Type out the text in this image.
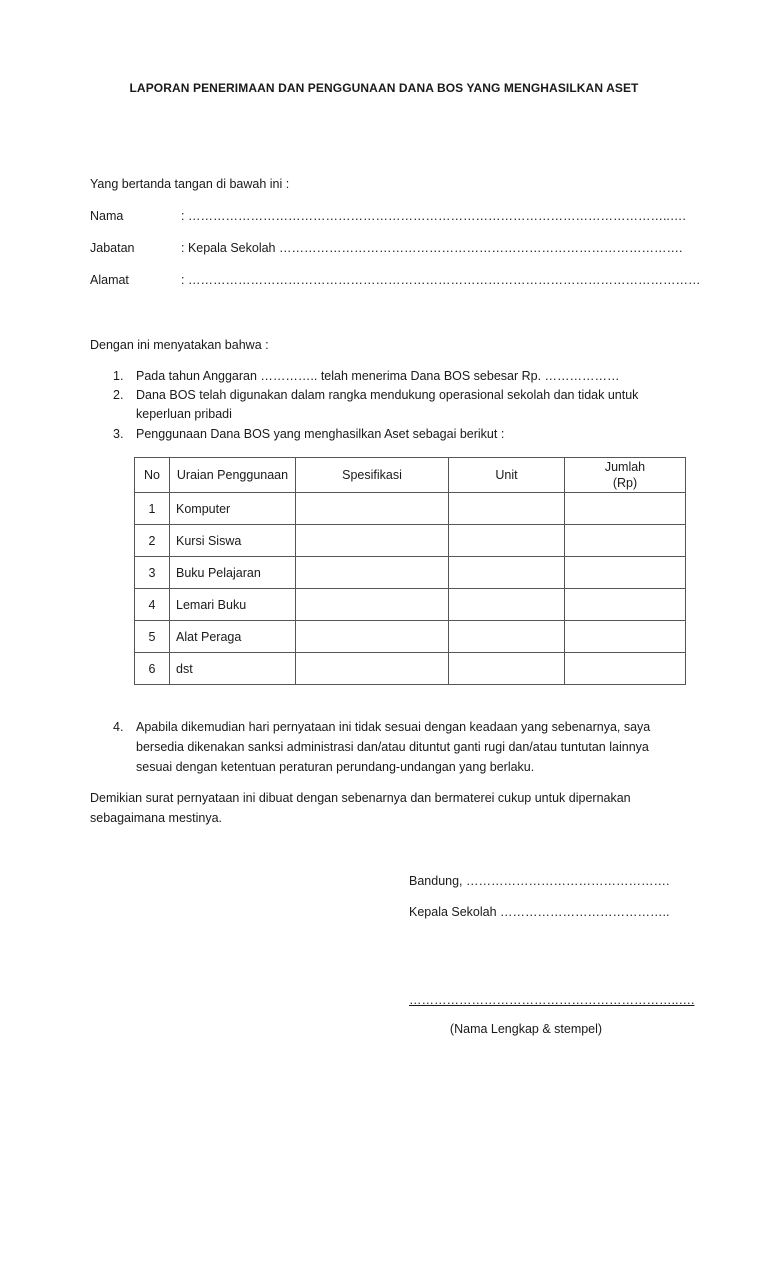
LAPORAN PENERIMAAN DAN PENGGUNAAN DANA BOS YANG MENGHASILKAN ASET
Yang bertanda tangan di bawah ini :
Nama	: ……………………………………………………………………………………………………..….
Jabatan	: Kepala Sekolah …………………………………………………………………………………….
Alamat	: ……………………………………………………………………………………………………………
Dengan ini menyatakan bahwa :
1. Pada tahun Anggaran ………….. telah menerima Dana BOS sebesar Rp. ………………
2. Dana BOS telah digunakan dalam rangka mendukung operasional sekolah dan tidak untuk
keperluan pribadi
3. Penggunaan Dana BOS yang menghasilkan Aset sebagai berikut :
No	Uraian Penggunaan	Spesifikasi	Unit	Jumlah
(Rp)
1	Komputer			
2	Kursi Siswa			
3	Buku Pelajaran			
4	Lemari Buku			
5	Alat Peraga			
6	dst			
4. Apabila dikemudian hari pernyataan ini tidak sesuai dengan keadaan yang sebenarnya, saya
bersedia dikenakan sanksi administrasi dan/atau dituntut ganti rugi dan/atau tuntutan lainnya
sesuai dengan ketentuan peraturan perundang-undangan yang berlaku.
Demikian surat pernyataan ini dibuat dengan sebenarnya dan bermaterei cukup untuk dipernakan
sebagaimana mestinya.
Bandung, ………………………………………….
Kepala Sekolah …………………………………..
………………………………………………………..….
(Nama Lengkap & stempel)
